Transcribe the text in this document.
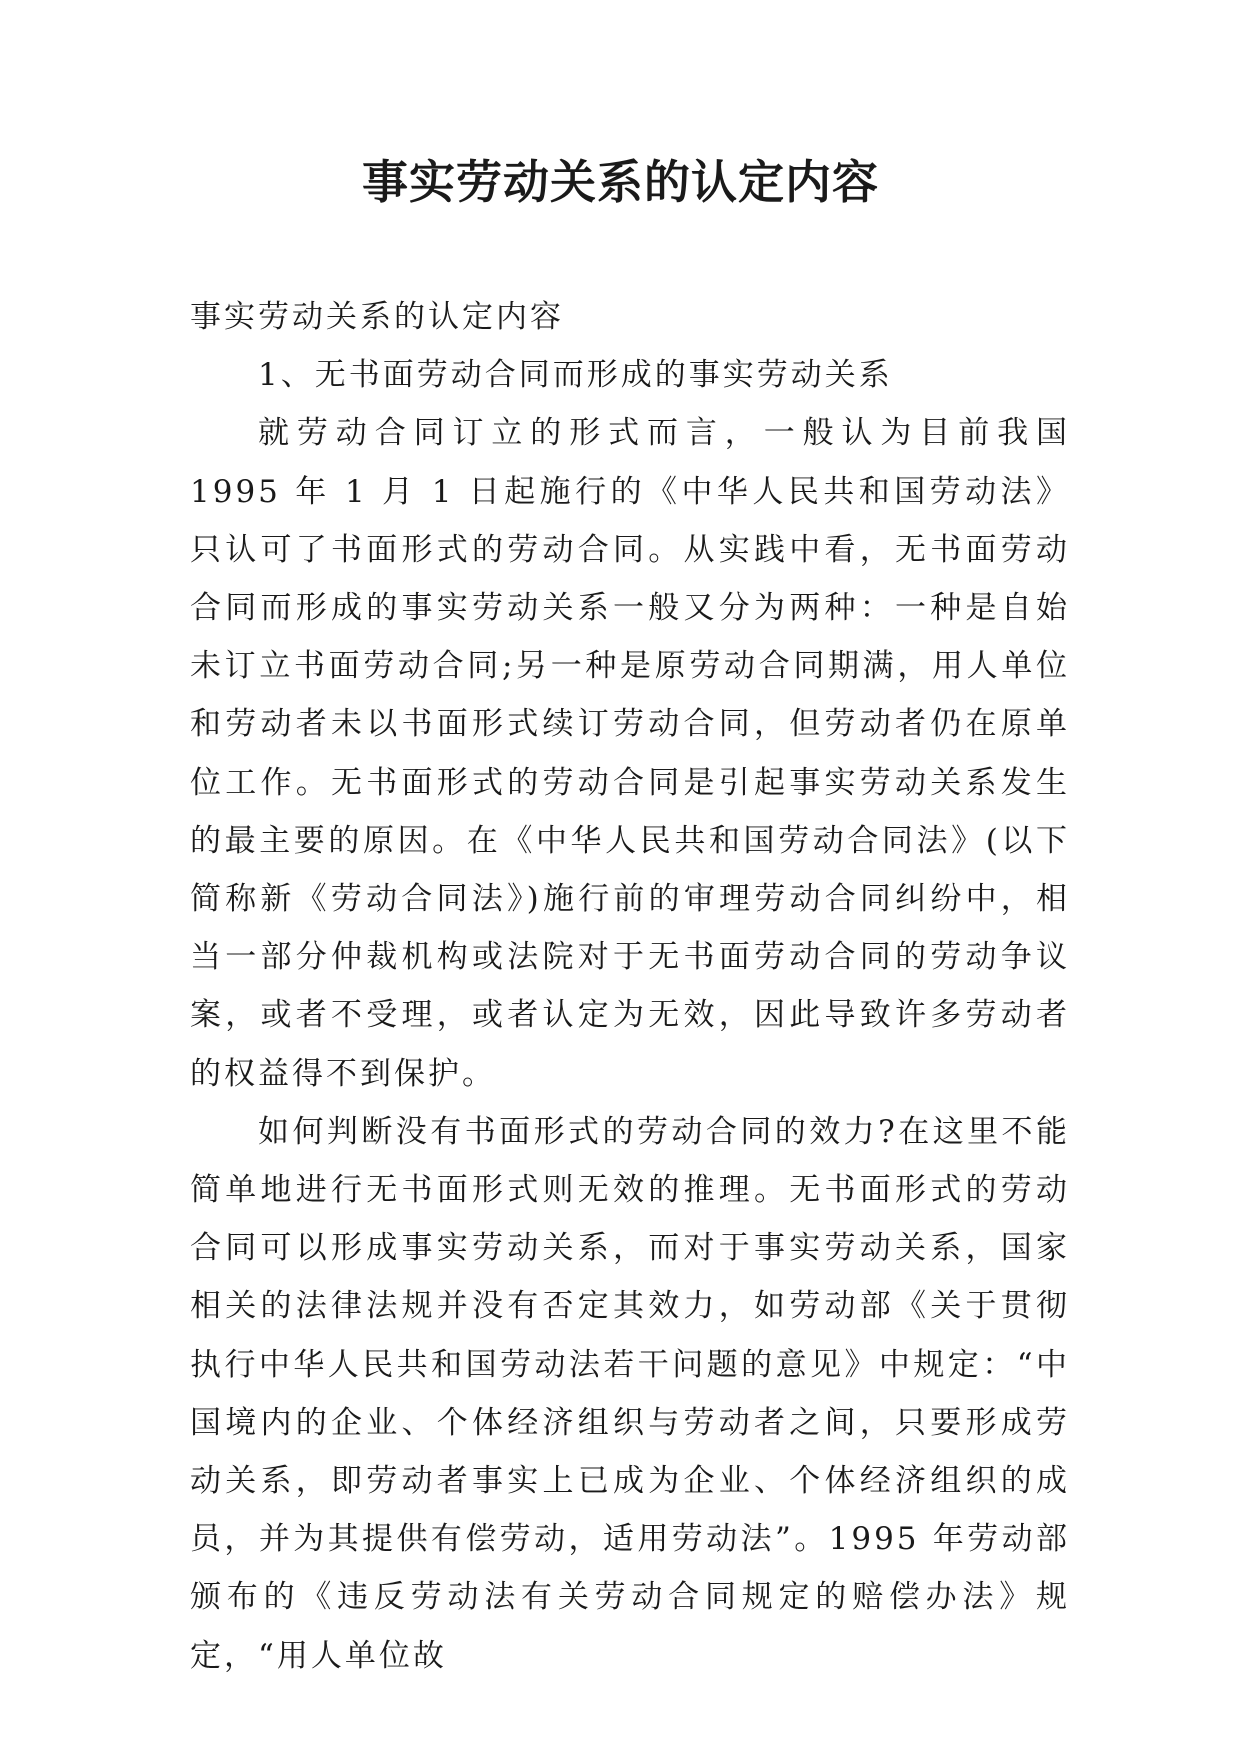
事实劳动关系的认定内容

事实劳动关系的认定内容

1、无书面劳动合同而形成的事实劳动关系

就劳动合同订立的形式而言，一般认为目前我国 1995 年 1 月 1 日起施行的《中华人民共和国劳动法》只认可了书面形式的劳动合同。从实践中看，无书面劳动合同而形成的事实劳动关系一般又分为两种：一种是自始未订立书面劳动合同;另一种是原劳动合同期满，用人单位和劳动者未以书面形式续订劳动合同，但劳动者仍在原单位工作。无书面形式的劳动合同是引起事实劳动关系发生的最主要的原因。在《中华人民共和国劳动合同法》(以下简称新《劳动合同法》)施行前的审理劳动合同纠纷中，相当一部分仲裁机构或法院对于无书面劳动合同的劳动争议案，或者不受理，或者认定为无效，因此导致许多劳动者的权益得不到保护。

如何判断没有书面形式的劳动合同的效力?在这里不能简单地进行无书面形式则无效的推理。无书面形式的劳动合同可以形成事实劳动关系，而对于事实劳动关系，国家相关的法律法规并没有否定其效力，如劳动部《关于贯彻执行中华人民共和国劳动法若干问题的意见》中规定：“中国境内的企业、个体经济组织与劳动者之间，只要形成劳动关系，即劳动者事实上已成为企业、个体经济组织的成员，并为其提供有偿劳动，适用劳动法”。1995 年劳动部颁布的《违反劳动法有关劳动合同规定的赔偿办法》规定，“用人单位故
